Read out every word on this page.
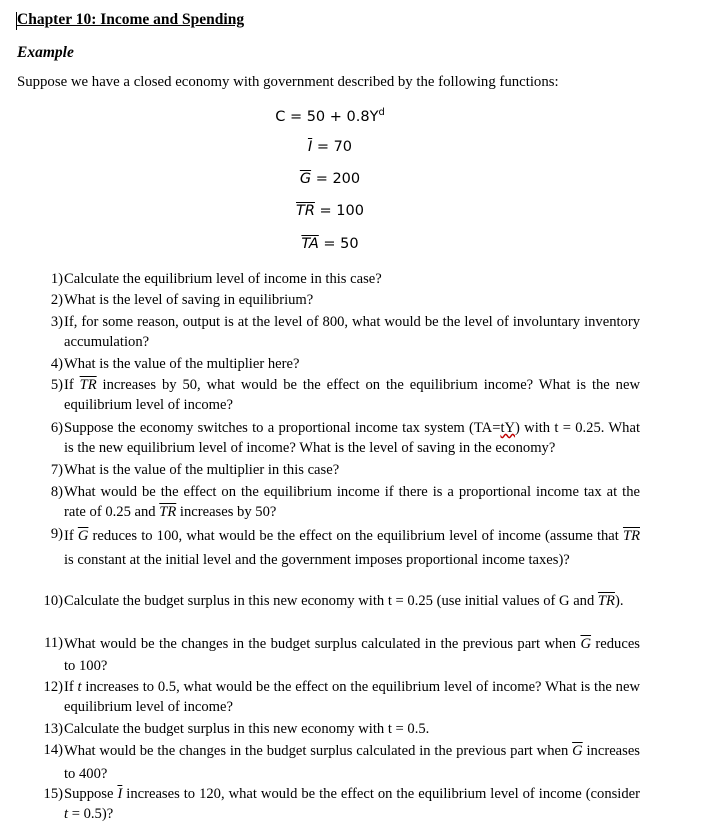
Chapter 10: Income and Spending
Example
Suppose we have a closed economy with government described by the following functions:
$C = 50 + 0.8Y^d$
$\overline{I} = 70$
$\overline{G} = 200$
$\overline{TR} = 100$
$\overline{TA} = 50$
1) Calculate the equilibrium level of income in this case?
2) What is the level of saving in equilibrium?
3) If, for some reason, output is at the level of 800, what would be the level of involuntary inventory accumulation?
4) What is the value of the multiplier here?
5) If $\overline{TR}$ increases by 50, what would be the effect on the equilibrium income? What is the new equilibrium level of income?
6) Suppose the economy switches to a proportional income tax system (TA=tY) with t = 0.25. What is the new equilibrium level of income? What is the level of saving in the economy?
7) What is the value of the multiplier in this case?
8) What would be the effect on the equilibrium income if there is a proportional income tax at the rate of 0.25 and $\overline{TR}$ increases by 50?
9) If $\overline{G}$ reduces to 100, what would be the effect on the equilibrium level of income (assume that $\overline{TR}$ is constant at the initial level and the government imposes proportional income taxes)?
10) Calculate the budget surplus in this new economy with t = 0.25 (use initial values of G and $\overline{TR}$).
11) What would be the changes in the budget surplus calculated in the previous part when $\overline{G}$ reduces to 100?
12) If t increases to 0.5, what would be the effect on the equilibrium level of income? What is the new equilibrium level of income?
13) Calculate the budget surplus in this new economy with t = 0.5.
14) What would be the changes in the budget surplus calculated in the previous part when $\overline{G}$ increases to 400?
15) Suppose $\overline{I}$ increases to 120, what would be the effect on the equilibrium level of income (consider t = 0.5)?
